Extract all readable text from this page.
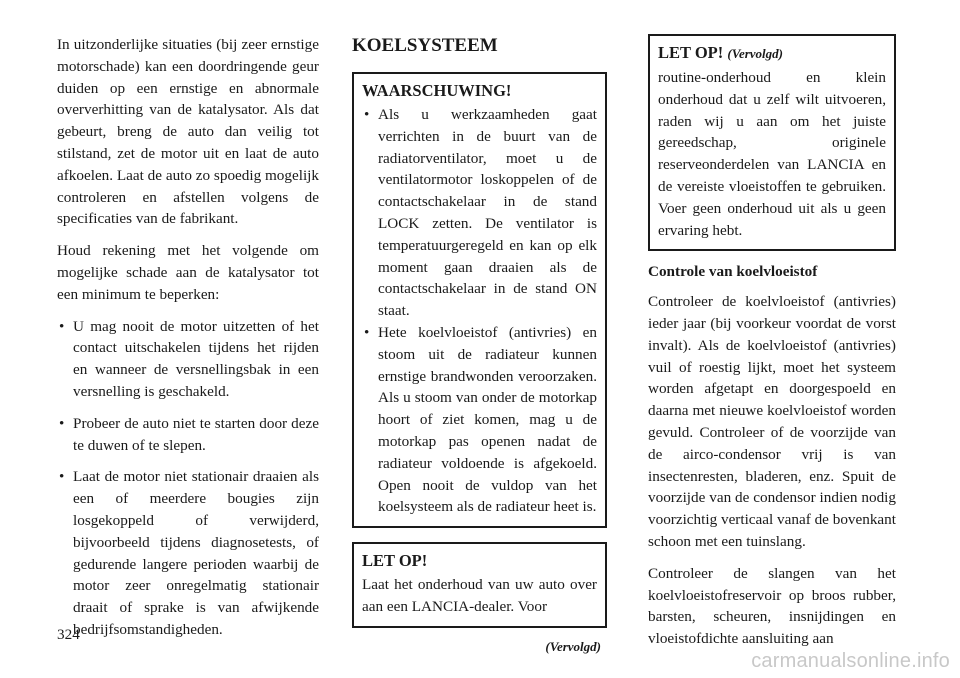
In uitzonderlijke situaties (bij zeer ernstige motorschade) kan een doordringende geur duiden op een ernstige en abnormale oververhitting van de katalysator. Als dat gebeurt, breng de auto dan veilig tot stilstand, zet de motor uit en laat de auto afkoelen. Laat de auto zo spoedig mogelijk controleren en afstellen volgens de specificaties van de fabrikant.

Houd rekening met het volgende om mogelijke schade aan de katalysator tot een minimum te beperken:

• U mag nooit de motor uitzetten of het contact uitschakelen tijdens het rijden en wanneer de versnellingsbak in een versnelling is geschakeld.
• Probeer de auto niet te starten door deze te duwen of te slepen.
• Laat de motor niet stationair draaien als een of meerdere bougies zijn losgekoppeld of verwijderd, bijvoorbeeld tijdens diagnosetests, of gedurende langere perioden waarbij de motor zeer onregelmatig stationair draait of sprake is van afwijkende bedrijfsomstandigheden.
KOELSYSTEEM
WAARSCHUWING!
• Als u werkzaamheden gaat verrichten in de buurt van de radiatorventilator, moet u de ventilatormotor loskoppelen of de contactschakelaar in de stand LOCK zetten. De ventilator is temperatuurgeregeld en kan op elk moment gaan draaien als de contactschakelaar in de stand ON staat.
• Hete koelvloeistof (antivries) en stoom uit de radiateur kunnen ernstige brandwonden veroorzaken. Als u stoom van onder de motorkap hoort of ziet komen, mag u de motorkap pas openen nadat de radiateur voldoende is afgekoeld. Open nooit de vuldop van het koelsysteem als de radiateur heet is.
LET OP!

Laat het onderhoud van uw auto over aan een LANCIA-dealer. Voor

(Vervolgd)
LET OP! (Vervolgd)

routine-onderhoud en klein onderhoud dat u zelf wilt uitvoeren, raden wij u aan om het juiste gereedschap, originele reserveonderdelen van LANCIA en de vereiste vloeistoffen te gebruiken. Voer geen onderhoud uit als u geen ervaring hebt.

Controle van koelvloeistof

Controleer de koelvloeistof (antivries) ieder jaar (bij voorkeur voordat de vorst invalt). Als de koelvloeistof (antivries) vuil of roestig lijkt, moet het systeem worden afgetapt en doorgespoeld en daarna met nieuwe koelvloeistof worden gevuld. Controleer of de voorzijde van de airco-condensor vrij is van insectenresten, bladeren, enz. Spuit de voorzijde van de condensor indien nodig voorzichtig verticaal vanaf de bovenkant schoon met een tuinslang.

Controleer de slangen van het koelvloeistofreservoir op broos rubber, barsten, scheuren, insnijdingen en vloeistofdichte aansluiting aan

324
carmanualsonline.info
